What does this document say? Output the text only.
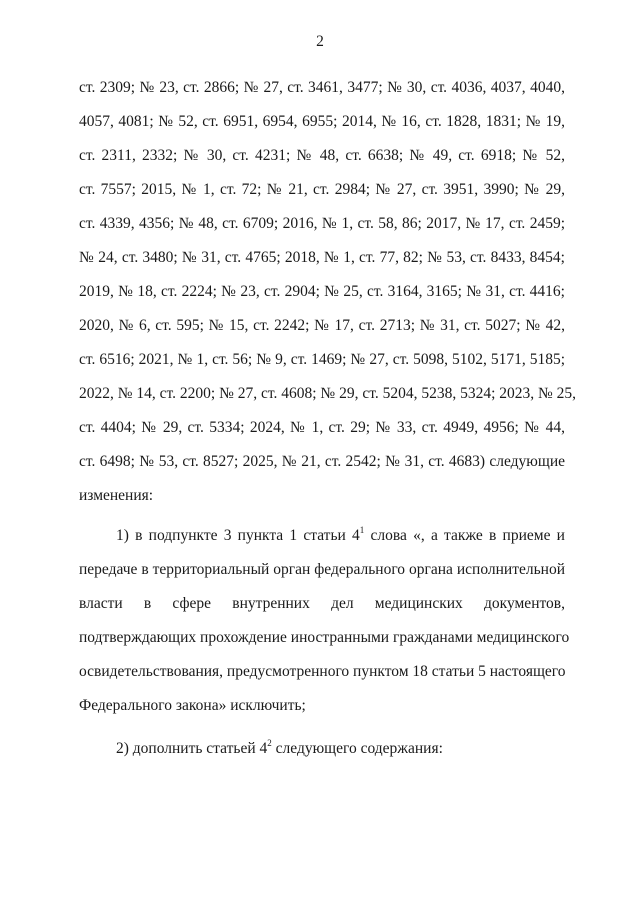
2
ст. 2309; № 23, ст. 2866; № 27, ст. 3461, 3477; № 30, ст. 4036, 4037, 4040,
4057, 4081; № 52, ст. 6951, 6954, 6955; 2014, № 16, ст. 1828, 1831; № 19,
ст. 2311, 2332; № 30, ст. 4231; № 48, ст. 6638; № 49, ст. 6918; № 52,
ст. 7557; 2015, № 1, ст. 72; № 21, ст. 2984; № 27, ст. 3951, 3990; № 29,
ст. 4339, 4356; № 48, ст. 6709; 2016, № 1, ст. 58, 86; 2017, № 17, ст. 2459;
№ 24, ст. 3480; № 31, ст. 4765; 2018, № 1, ст. 77, 82; № 53, ст. 8433, 8454;
2019, № 18, ст. 2224; № 23, ст. 2904; № 25, ст. 3164, 3165; № 31, ст. 4416;
2020, № 6, ст. 595; № 15, ст. 2242; № 17, ст. 2713; № 31, ст. 5027; № 42,
ст. 6516; 2021, № 1, ст. 56; № 9, ст. 1469; № 27, ст. 5098, 5102, 5171, 5185;
2022, № 14, ст. 2200; № 27, ст. 4608; № 29, ст. 5204, 5238, 5324; 2023, № 25,
ст. 4404; № 29, ст. 5334; 2024, № 1, ст. 29; № 33, ст. 4949, 4956; № 44,
ст. 6498; № 53, ст. 8527; 2025, № 21, ст. 2542; № 31, ст. 4683) следующие
изменения:
1) в подпункте 3 пункта 1 статьи $4^1$ слова «, а также в приеме и
передаче в территориальный орган федерального органа исполнительной
власти в сфере внутренних дел медицинских документов,
подтверждающих прохождение иностранными гражданами медицинского
освидетельствования, предусмотренного пунктом 18 статьи 5 настоящего
Федерального закона» исключить;
2) дополнить статьей $4^2$ следующего содержания:
